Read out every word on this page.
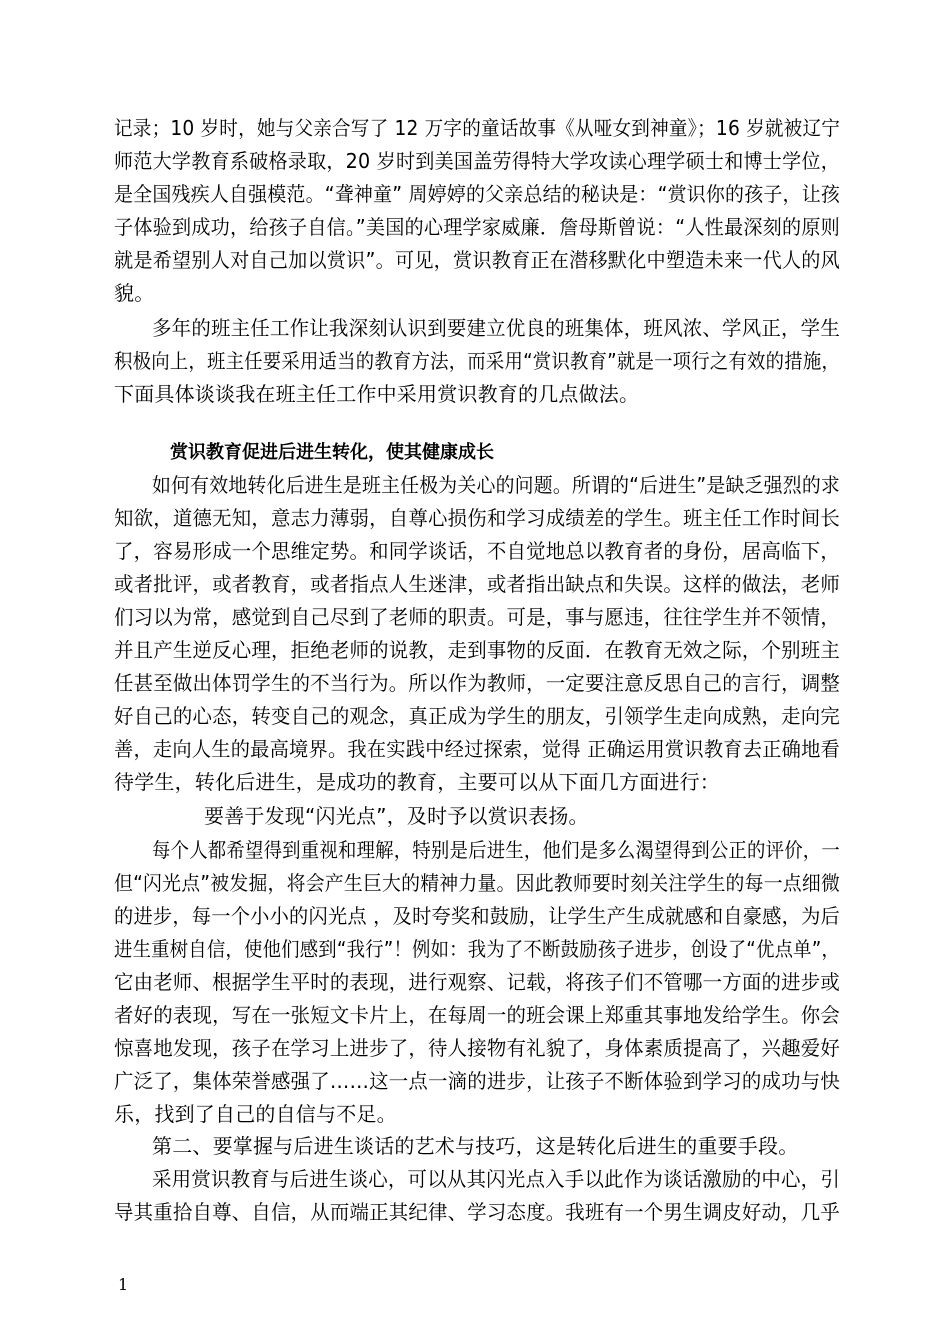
记录；10 岁时，她与父亲合写了 12 万字的童话故事《从哑女到神童》；16 岁就被辽宁
师范大学教育系破格录取，20 岁时到美国盖劳得特大学攻读心理学硕士和博士学位，
是全国残疾人自强模范。“聋神童” 周婷婷的父亲总结的秘诀是：“赏识你的孩子，让孩
子体验到成功，给孩子自信。”美国的心理学家威廉．詹母斯曾说：“人性最深刻的原则
就是希望别人对自己加以赏识”。可见，赏识教育正在潜移默化中塑造未来一代人的风
貌。
多年的班主任工作让我深刻认识到要建立优良的班集体，班风浓、学风正，学生
积极向上，班主任要采用适当的教育方法，而采用“赏识教育”就是一项行之有效的措施，
下面具体谈谈我在班主任工作中采用赏识教育的几点做法。
赏识教育促进后进生转化，使其健康成长
如何有效地转化后进生是班主任极为关心的问题。所谓的“后进生”是缺乏强烈的求
知欲，道德无知，意志力薄弱，自尊心损伤和学习成绩差的学生。班主任工作时间长
了，容易形成一个思维定势。和同学谈话，不自觉地总以教育者的身份，居高临下，
或者批评，或者教育，或者指点人生迷津，或者指出缺点和失误。这样的做法，老师
们习以为常，感觉到自己尽到了老师的职责。可是，事与愿违，往往学生并不领情，
并且产生逆反心理，拒绝老师的说教，走到事物的反面．在教育无效之际，个别班主
任甚至做出体罚学生的不当行为。所以作为教师，一定要注意反思自己的言行，调整
好自己的心态，转变自己的观念，真正成为学生的朋友，引领学生走向成熟，走向完
善，走向人生的最高境界。我在实践中经过探索，觉得 正确运用赏识教育去正确地看
待学生，转化后进生，是成功的教育，主要可以从下面几方面进行：
要善于发现“闪光点”，及时予以赏识表扬。
每个人都希望得到重视和理解，特别是后进生，他们是多么渴望得到公正的评价，一
但“闪光点”被发掘，将会产生巨大的精神力量。因此教师要时刻关注学生的每一点细微
的进步，每一个小小的闪光点 ，及时夸奖和鼓励，让学生产生成就感和自豪感，为后
进生重树自信，使他们感到“我行”！例如：我为了不断鼓励孩子进步，创设了“优点单”，
它由老师、根据学生平时的表现，进行观察、记载，将孩子们不管哪一方面的进步或
者好的表现，写在一张短文卡片上，在每周一的班会课上郑重其事地发给学生。你会
惊喜地发现，孩子在学习上进步了，待人接物有礼貌了，身体素质提高了，兴趣爱好
广泛了，集体荣誉感强了……这一点一滴的进步，让孩子不断体验到学习的成功与快
乐，找到了自己的自信与不足。
第二、要掌握与后进生谈话的艺术与技巧，这是转化后进生的重要手段。
采用赏识教育与后进生谈心，可以从其闪光点入手以此作为谈话激励的中心，引
导其重拾自尊、自信，从而端正其纪律、学习态度。我班有一个男生调皮好动，几乎
1
